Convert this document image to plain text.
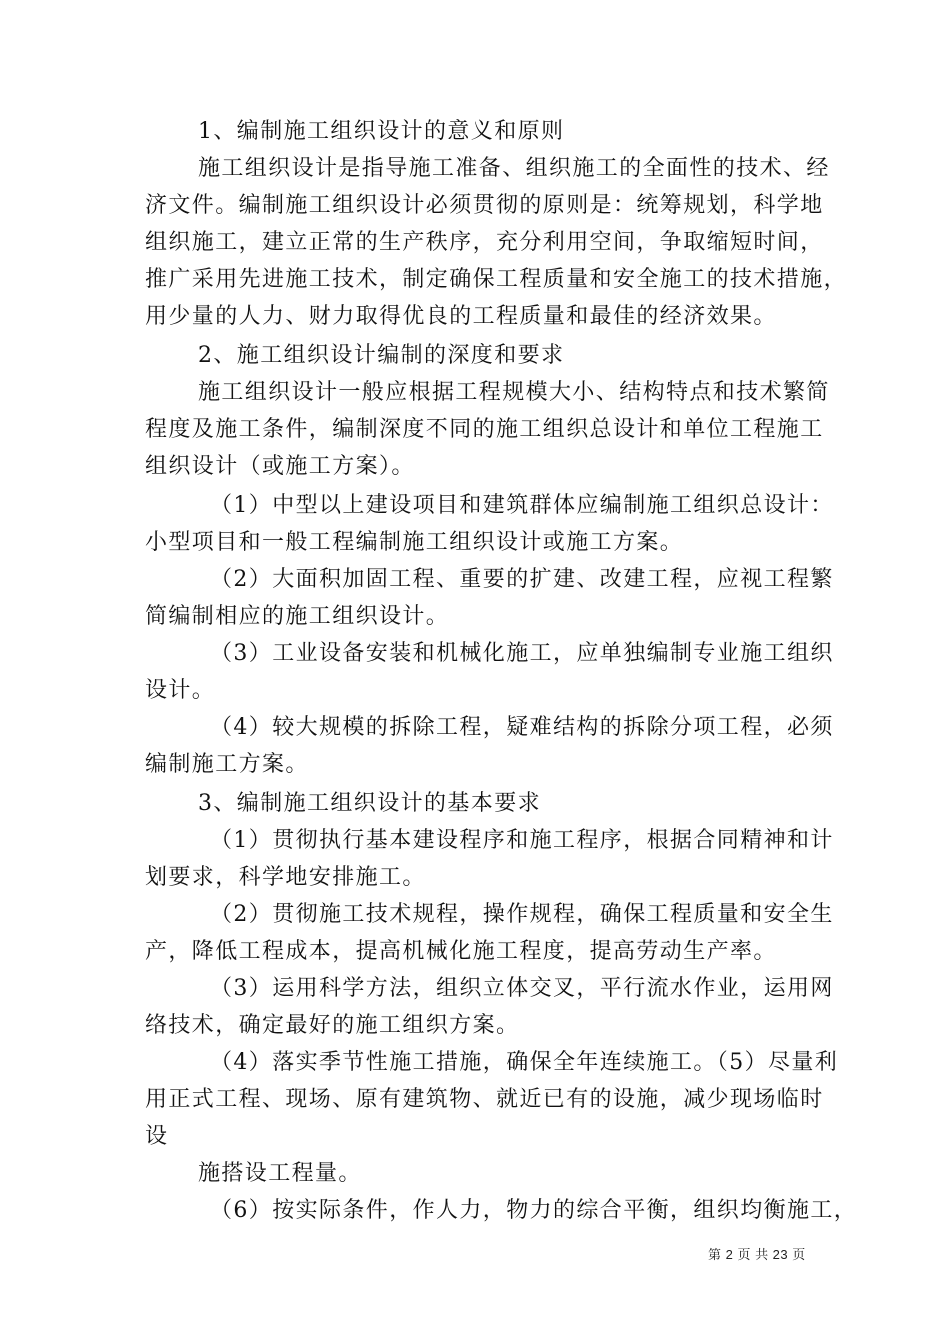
1、编制施工组织设计的意义和原则
施工组织设计是指导施工准备、组织施工的全面性的技术、经
济文件。编制施工组织设计必须贯彻的原则是：统筹规划，科学地
组织施工，建立正常的生产秩序，充分利用空间，争取缩短时间，
推广采用先进施工技术，制定确保工程质量和安全施工的技术措施，
用少量的人力、财力取得优良的工程质量和最佳的经济效果。
2、施工组织设计编制的深度和要求
施工组织设计一般应根据工程规模大小、结构特点和技术繁简
程度及施工条件，编制深度不同的施工组织总设计和单位工程施工
组织设计（或施工方案）。
（1）中型以上建设项目和建筑群体应编制施工组织总设计：
小型项目和一般工程编制施工组织设计或施工方案。
（2）大面积加固工程、重要的扩建、改建工程，应视工程繁
简编制相应的施工组织设计。
（3）工业设备安装和机械化施工，应单独编制专业施工组织
设计。
（4）较大规模的拆除工程，疑难结构的拆除分项工程，必须
编制施工方案。
3、编制施工组织设计的基本要求
（1）贯彻执行基本建设程序和施工程序，根据合同精神和计
划要求，科学地安排施工。
（2）贯彻施工技术规程，操作规程，确保工程质量和安全生
产，降低工程成本，提高机械化施工程度，提高劳动生产率。
（3）运用科学方法，组织立体交叉，平行流水作业，运用网
络技术，确定最好的施工组织方案。
（4）落实季节性施工措施，确保全年连续施工。（5）尽量利
用正式工程、现场、原有建筑物、就近已有的设施，减少现场临时
设
施搭设工程量。
（6）按实际条件，作人力，物力的综合平衡，组织均衡施工，
第 2 页 共 23 页
